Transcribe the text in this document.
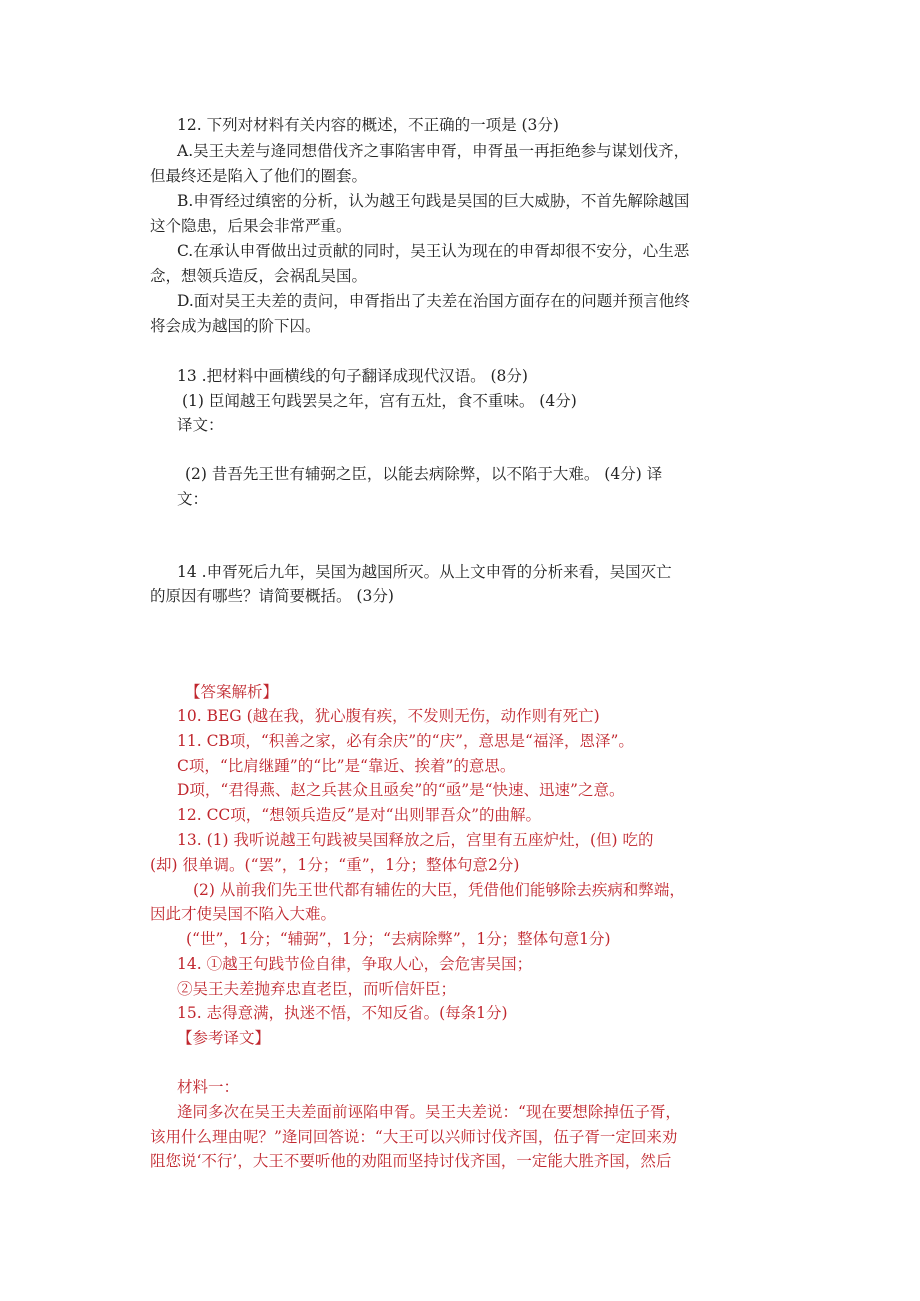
12. 下列对材料有关内容的概述，不正确的一项是 (3分)
A.吴王夫差与逄同想借伐齐之事陷害申胥，申胥虽一再拒绝参与谋划伐齐，
但最终还是陷入了他们的圈套。
B.申胥经过缜密的分析，认为越王句践是吴国的巨大威胁，不首先解除越国
这个隐患，后果会非常严重。
C.在承认申胥做出过贡献的同时，吴王认为现在的申胥却很不安分，心生恶
念，想领兵造反，会祸乱吴国。
D.面对吴王夫差的责问，申胥指出了夫差在治国方面存在的问题并预言他终
将会成为越国的阶下囚。
13 .把材料中画横线的句子翻译成现代汉语。 (8分)
(1) 臣闻越王句践罢吴之年，宫有五灶，食不重味。 (4分)
译文：
(2) 昔吾先王世有辅弼之臣，以能去病除弊，以不陷于大难。 (4分) 译
文：
14 .申胥死后九年，吴国为越国所灭。从上文申胥的分析来看，吴国灭亡
的原因有哪些？请简要概括。 (3分)
【答案解析】
10. BEG (越在我，犹心腹有疾，不发则无伤，动作则有死亡)
11. CB项，“积善之家，必有余庆”的“庆”，意思是“福泽，恩泽”。
C项，“比肩继踵”的“比”是“靠近、挨着”的意思。
D项，“君得燕、赵之兵甚众且亟矣”的“亟”是“快速、迅速”之意。
12. CC项，“想领兵造反”是对“出则罪吾众”的曲解。
13. (1) 我听说越王句践被吴国释放之后，宫里有五座炉灶，(但) 吃的
(却) 很单调。(“罢”，1分；“重”，1分；整体句意2分)
(2) 从前我们先王世代都有辅佐的大臣，凭借他们能够除去疾病和弊端，
因此才使吴国不陷入大难。
(“世”，1分；“辅弼”，1分；“去病除弊”，1分；整体句意1分)
14. ①越王句践节俭自律，争取人心，会危害吴国；
②吴王夫差抛弃忠直老臣，而听信奸臣；
15. 志得意满，执迷不悟，不知反省。(每条1分)
【参考译文】
材料一：
逄同多次在吴王夫差面前诬陷申胥。吴王夫差说：“现在要想除掉伍子胥，
该用什么理由呢？”逄同回答说：“大王可以兴师讨伐齐国，伍子胥一定回来劝
阻您说‘不行’，大王不要听他的劝阻而坚持讨伐齐国，一定能大胜齐国，然后
